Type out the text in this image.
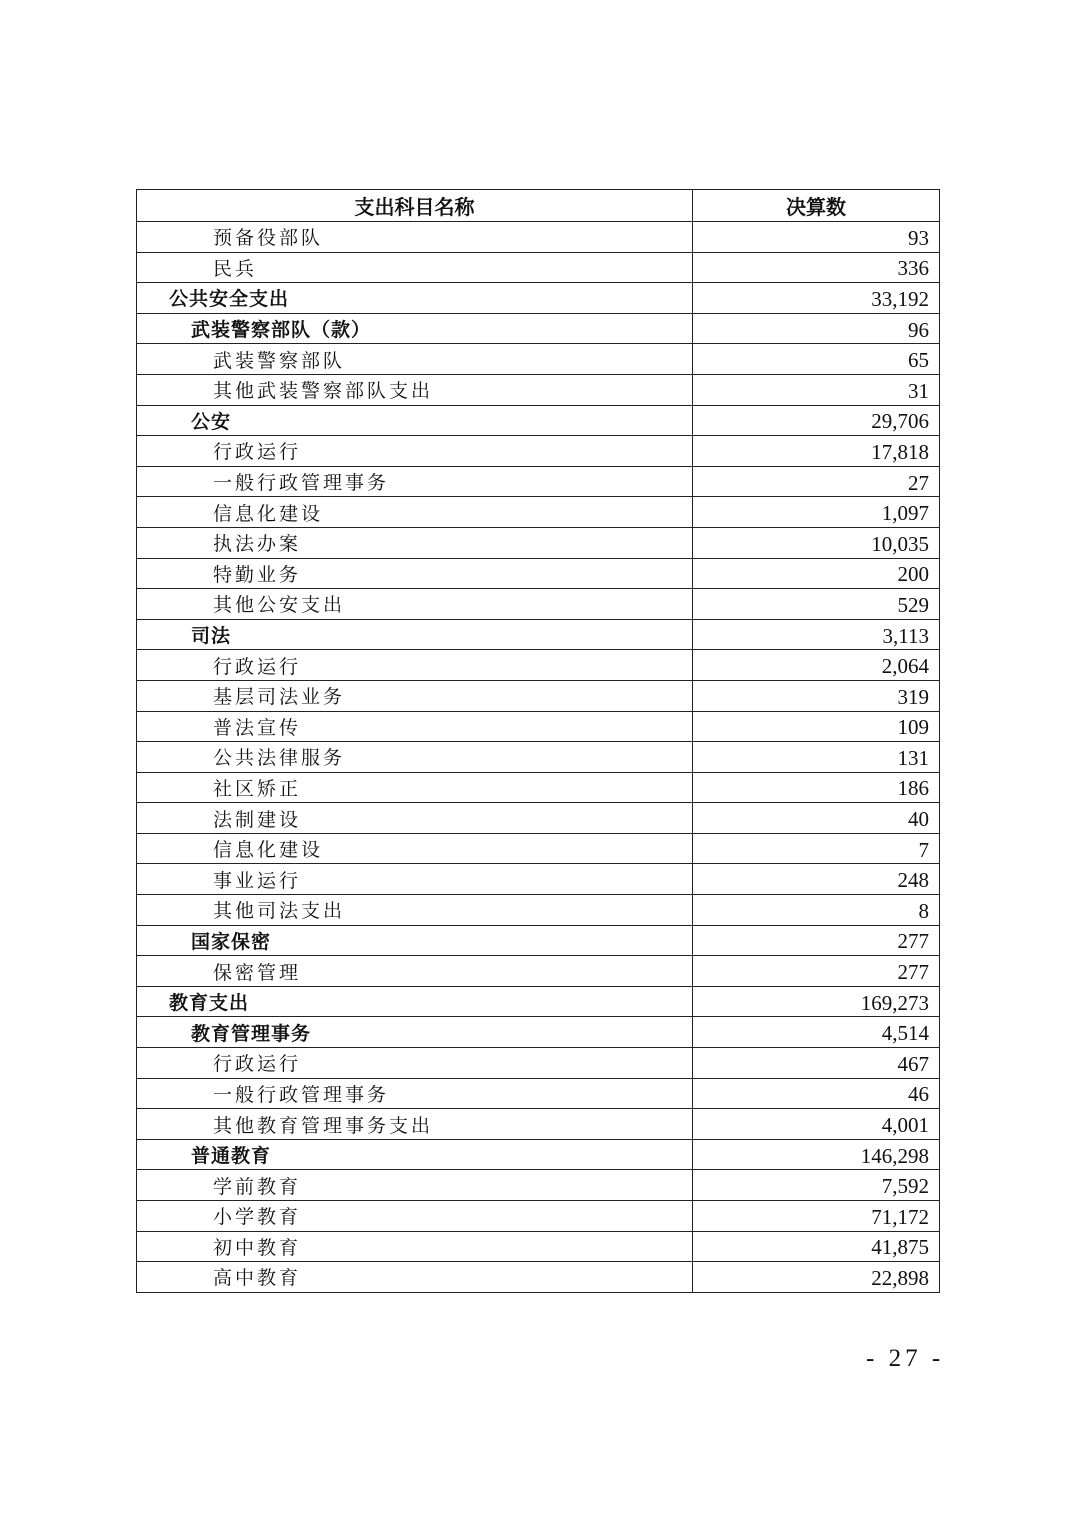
支出科目名称	决算数
预备役部队	93
民兵	336
公共安全支出	33,192
武装警察部队（款）	96
武装警察部队	65
其他武装警察部队支出	31
公安	29,706
行政运行	17,818
一般行政管理事务	27
信息化建设	1,097
执法办案	10,035
特勤业务	200
其他公安支出	529
司法	3,113
行政运行	2,064
基层司法业务	319
普法宣传	109
公共法律服务	131
社区矫正	186
法制建设	40
信息化建设	7
事业运行	248
其他司法支出	8
国家保密	277
保密管理	277
教育支出	169,273
教育管理事务	4,514
行政运行	467
一般行政管理事务	46
其他教育管理事务支出	4,001
普通教育	146,298
学前教育	7,592
小学教育	71,172
初中教育	41,875
高中教育	22,898
- 27 -
